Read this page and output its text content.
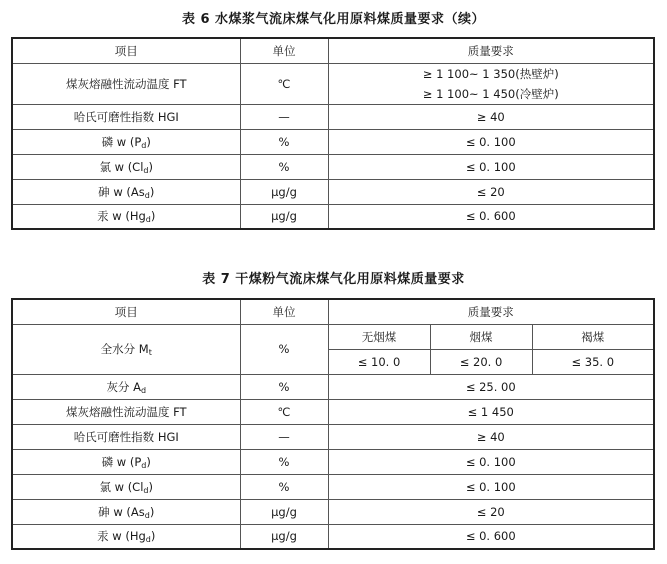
表 6 水煤浆气流床煤气化用原料煤质量要求（续）
项目	单位	质量要求
煤灰熔融性流动温度 FT	℃	≥ 1 100~ 1 350(热壁炉)
≥ 1 100~ 1 450(冷壁炉)

哈氏可磨性指数 HGI	—	≥ 40
磷 w $(P_d)$	%	≤ 0. 100
氯 w $(Cl_d)$	%	≤ 0. 100
砷 w $(As_d)$	μg/g	≤ 20
汞 w $(Hg_d)$	μg/g	≤ 0. 600
表 7 干煤粉气流床煤气化用原料煤质量要求
项目	单位	质量要求		
全水分 $M_t$	%	无烟煤	烟煤	褐煤
		≤ 10. 0	≤ 20. 0	≤ 35. 0
灰分 $A_d$	%	≤ 25. 00		
煤灰熔融性流动温度 FT	℃	≤ 1 450		
哈氏可磨性指数 HGI	—	≥ 40		
磷 w $(P_d)$	%	≤ 0. 100		
氯 w $(Cl_d)$	%	≤ 0. 100		
砷 w $(As_d)$	μg/g	≤ 20		
汞 w $(Hg_d)$	μg/g	≤ 0. 600		
